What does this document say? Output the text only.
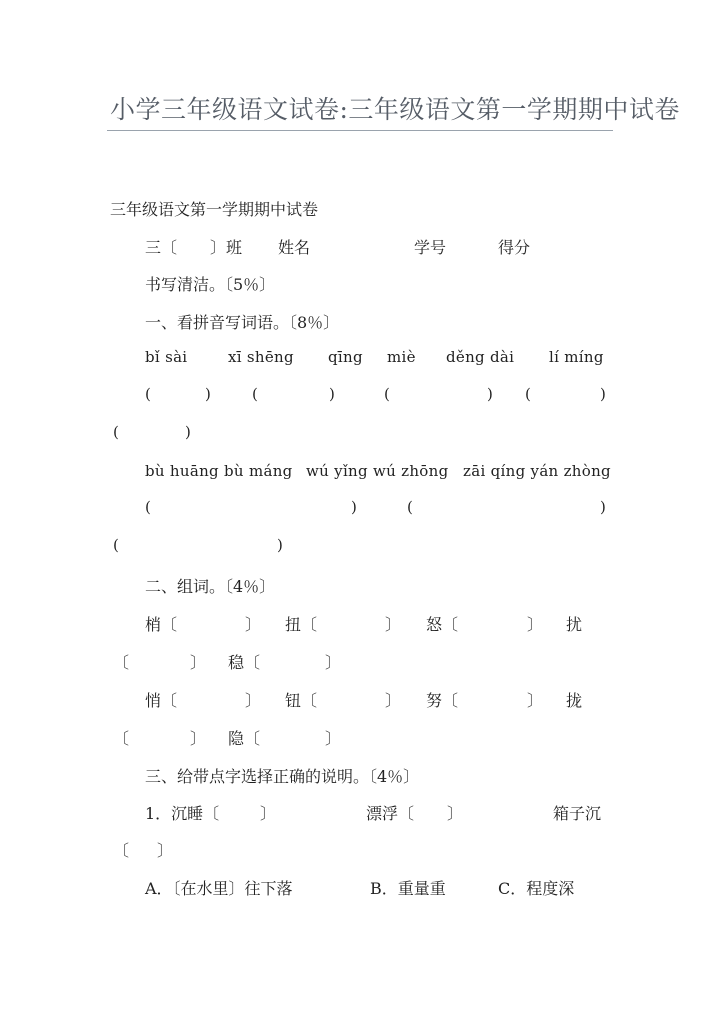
小学三年级语文试卷:三年级语文第一学期期中试卷
三年级语文第一学期期中试卷
三〔 〕班 姓名	学号	得分
书写清洁。〔5％〕
一、看拼音写词语。〔8％〕
bǐ sài	xī shēng qīng miè děng dài lí míng
(	)	(	)	(	) (	)
(	)
bù huāng bù máng wú yǐng wú zhōng zāi qíng yán zhòng
(	)	(	)
(	)
二、组词。〔4％〕
梢〔	〕 扭〔	〕 怒〔	〕 扰
〔	〕 稳〔	〕
悄〔	〕 钮〔	〕 努〔	〕 拢
〔	〕 隐〔	〕
三、给带点字选择正确的说明。〔4％〕
1．沉睡〔	〕	漂浮〔 〕	箱子沉
〔 〕
A．〔在水里〕往下落	B．重量重	C．程度深
